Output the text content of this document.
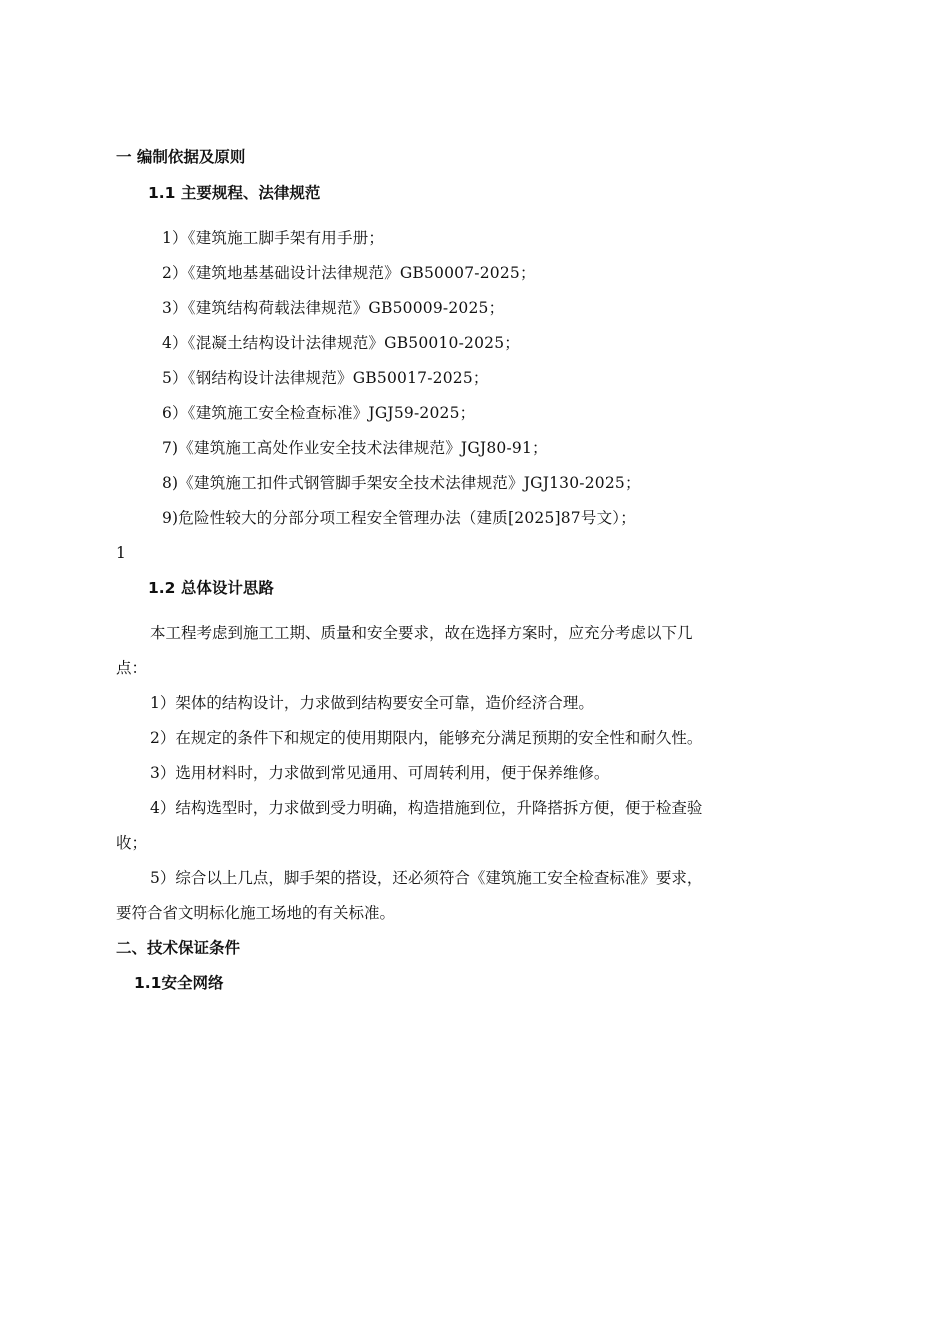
一 编制依据及原则
1.1 主要规程、法律规范
1）《建筑施工脚手架有用手册；
2）《建筑地基基础设计法律规范》GB50007-2025；
3）《建筑结构荷载法律规范》GB50009-2025；
4）《混凝土结构设计法律规范》GB50010-2025；
5）《钢结构设计法律规范》GB50017-2025；
6）《建筑施工安全检查标准》JGJ59-2025；
7)《建筑施工高处作业安全技术法律规范》JGJ80-91；
8)《建筑施工扣件式钢管脚手架安全技术法律规范》JGJ130-2025；
9)危险性较大的分部分项工程安全管理办法（建质[2025]87号文）；
1
1.2 总体设计思路
本工程考虑到施工工期、质量和安全要求，故在选择方案时，应充分考虑以下几
点：
1）架体的结构设计，力求做到结构要安全可靠，造价经济合理。
2）在规定的条件下和规定的使用期限内，能够充分满足预期的安全性和耐久性。
3）选用材料时，力求做到常见通用、可周转利用，便于保养维修。
4）结构选型时，力求做到受力明确，构造措施到位，升降搭拆方便，便于检查验
收；
5）综合以上几点，脚手架的搭设，还必须符合《建筑施工安全检查标准》要求，
要符合省文明标化施工场地的有关标准。
二、技术保证条件
1.1安全网络
